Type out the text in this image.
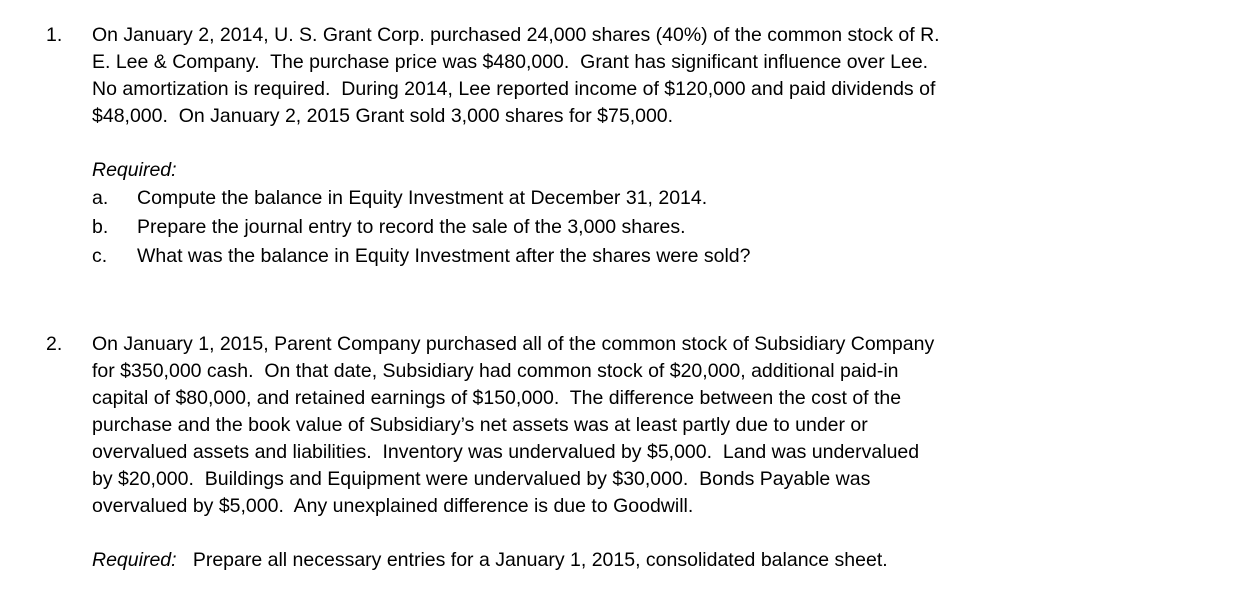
1. On January 2, 2014, U. S. Grant Corp. purchased 24,000 shares (40%) of the common stock of R.
E. Lee & Company.  The purchase price was $480,000.  Grant has significant influence over Lee.
No amortization is required.  During 2014, Lee reported income of $120,000 and paid dividends of
$48,000.  On January 2, 2015 Grant sold 3,000 shares for $75,000.
Required:
a. Compute the balance in Equity Investment at December 31, 2014.
b. Prepare the journal entry to record the sale of the 3,000 shares.
c. What was the balance in Equity Investment after the shares were sold?
2. On January 1, 2015, Parent Company purchased all of the common stock of Subsidiary Company
for $350,000 cash.  On that date, Subsidiary had common stock of $20,000, additional paid-in
capital of $80,000, and retained earnings of $150,000.  The difference between the cost of the
purchase and the book value of Subsidiary’s net assets was at least partly due to under or
overvalued assets and liabilities.  Inventory was undervalued by $5,000.  Land was undervalued
by $20,000.  Buildings and Equipment were undervalued by $30,000.  Bonds Payable was
overvalued by $5,000.  Any unexplained difference is due to Goodwill.
Required: Prepare all necessary entries for a January 1, 2015, consolidated balance sheet.
